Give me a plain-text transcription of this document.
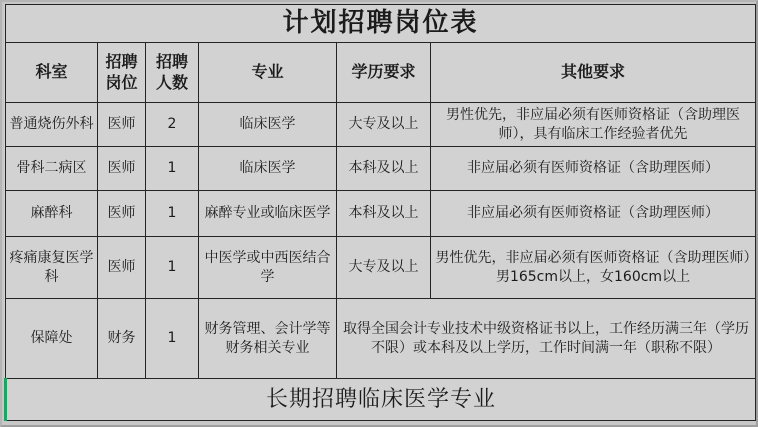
计划招聘岗位表					
科室	招聘岗位	招聘人数	专业	学历要求	其他要求
普通烧伤外科	医师	2	临床医学	大专及以上	男性优先，非应届必须有医师资格证（含助理医师），具有临床工作经验者优先
骨科二病区	医师	1	临床医学	本科及以上	非应届必须有医师资格证（含助理医师）
麻醉科	医师	1	麻醉专业或临床医学	本科及以上	非应届必须有医师资格证（含助理医师）
疼痛康复医学科	医师	1	中医学或中西医结合学	大专及以上	男性优先，非应届必须有医师资格证（含助理医师）男165cm以上，女160cm以上
保障处	财务	1	财务管理、会计学等财务相关专业	取得全国会计专业技术中级资格证书以上，工作经历满三年（学历不限）或本科及以上学历，工作时间满一年（职称不限）	
长期招聘临床医学专业					
